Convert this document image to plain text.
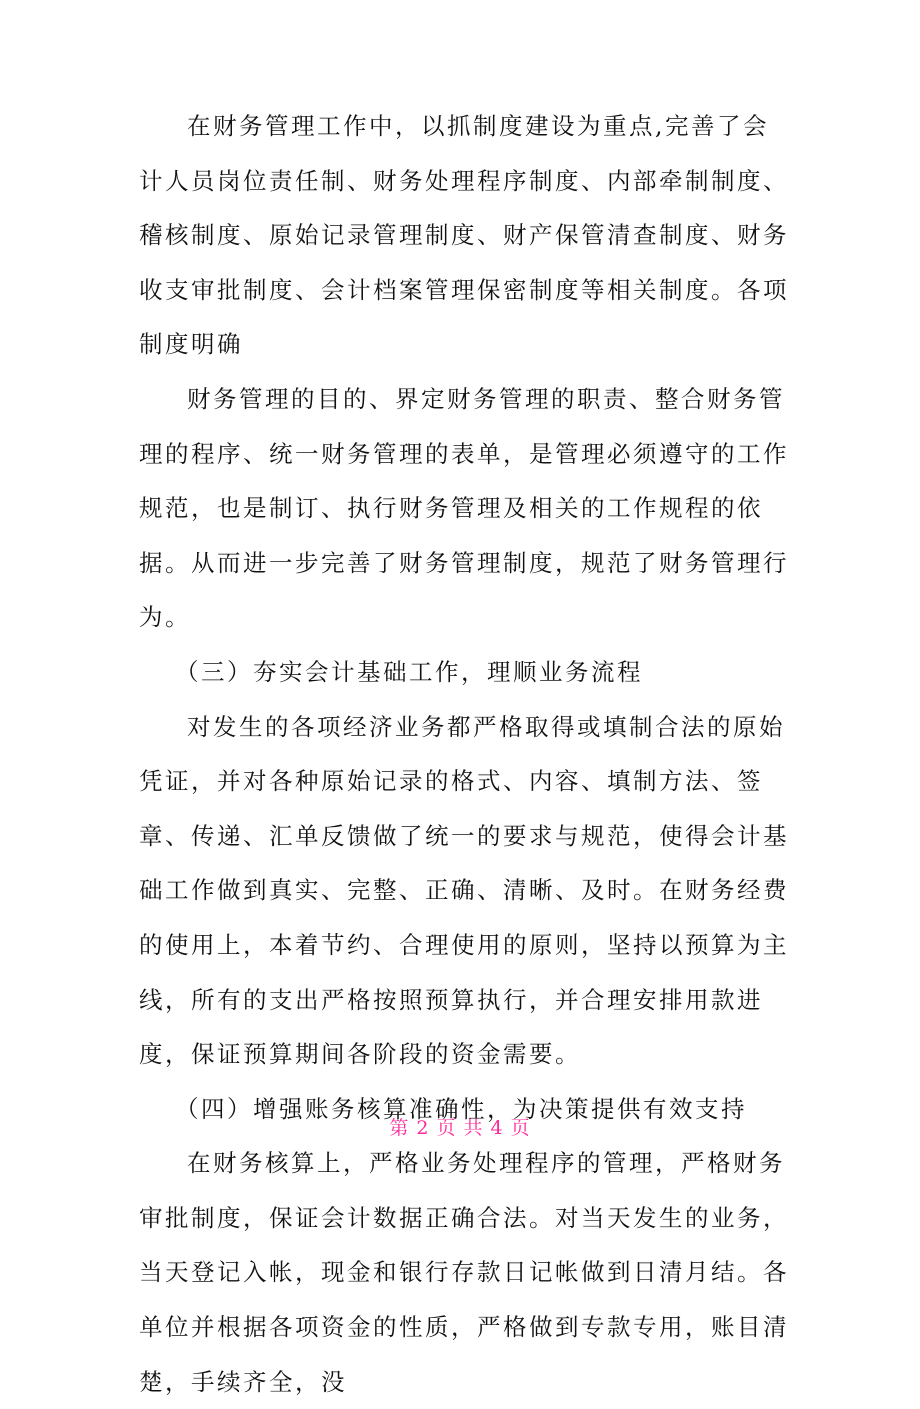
在财务管理工作中，以抓制度建设为重点,完善了会计人员岗位责任制、财务处理程序制度、内部牵制制度、稽核制度、原始记录管理制度、财产保管清查制度、财务收支审批制度、会计档案管理保密制度等相关制度。各项制度明确

财务管理的目的、界定财务管理的职责、整合财务管理的程序、统一财务管理的表单，是管理必须遵守的工作规范，也是制订、执行财务管理及相关的工作规程的依据。从而进一步完善了财务管理制度，规范了财务管理行为。

（三）夯实会计基础工作，理顺业务流程

对发生的各项经济业务都严格取得或填制合法的原始凭证，并对各种原始记录的格式、内容、填制方法、签章、传递、汇单反馈做了统一的要求与规范，使得会计基础工作做到真实、完整、正确、清晰、及时。在财务经费的使用上，本着节约、合理使用的原则，坚持以预算为主线，所有的支出严格按照预算执行，并合理安排用款进度，保证预算期间各阶段的资金需要。

（四）增强账务核算准确性，为决策提供有效支持

在财务核算上，严格业务处理程序的管理，严格财务审批制度，保证会计数据正确合法。对当天发生的业务，当天登记入帐，现金和银行存款日记帐做到日清月结。各单位并根据各项资金的性质，严格做到专款专用，账目清楚，手续齐全，没

第 2 页 共 4 页
